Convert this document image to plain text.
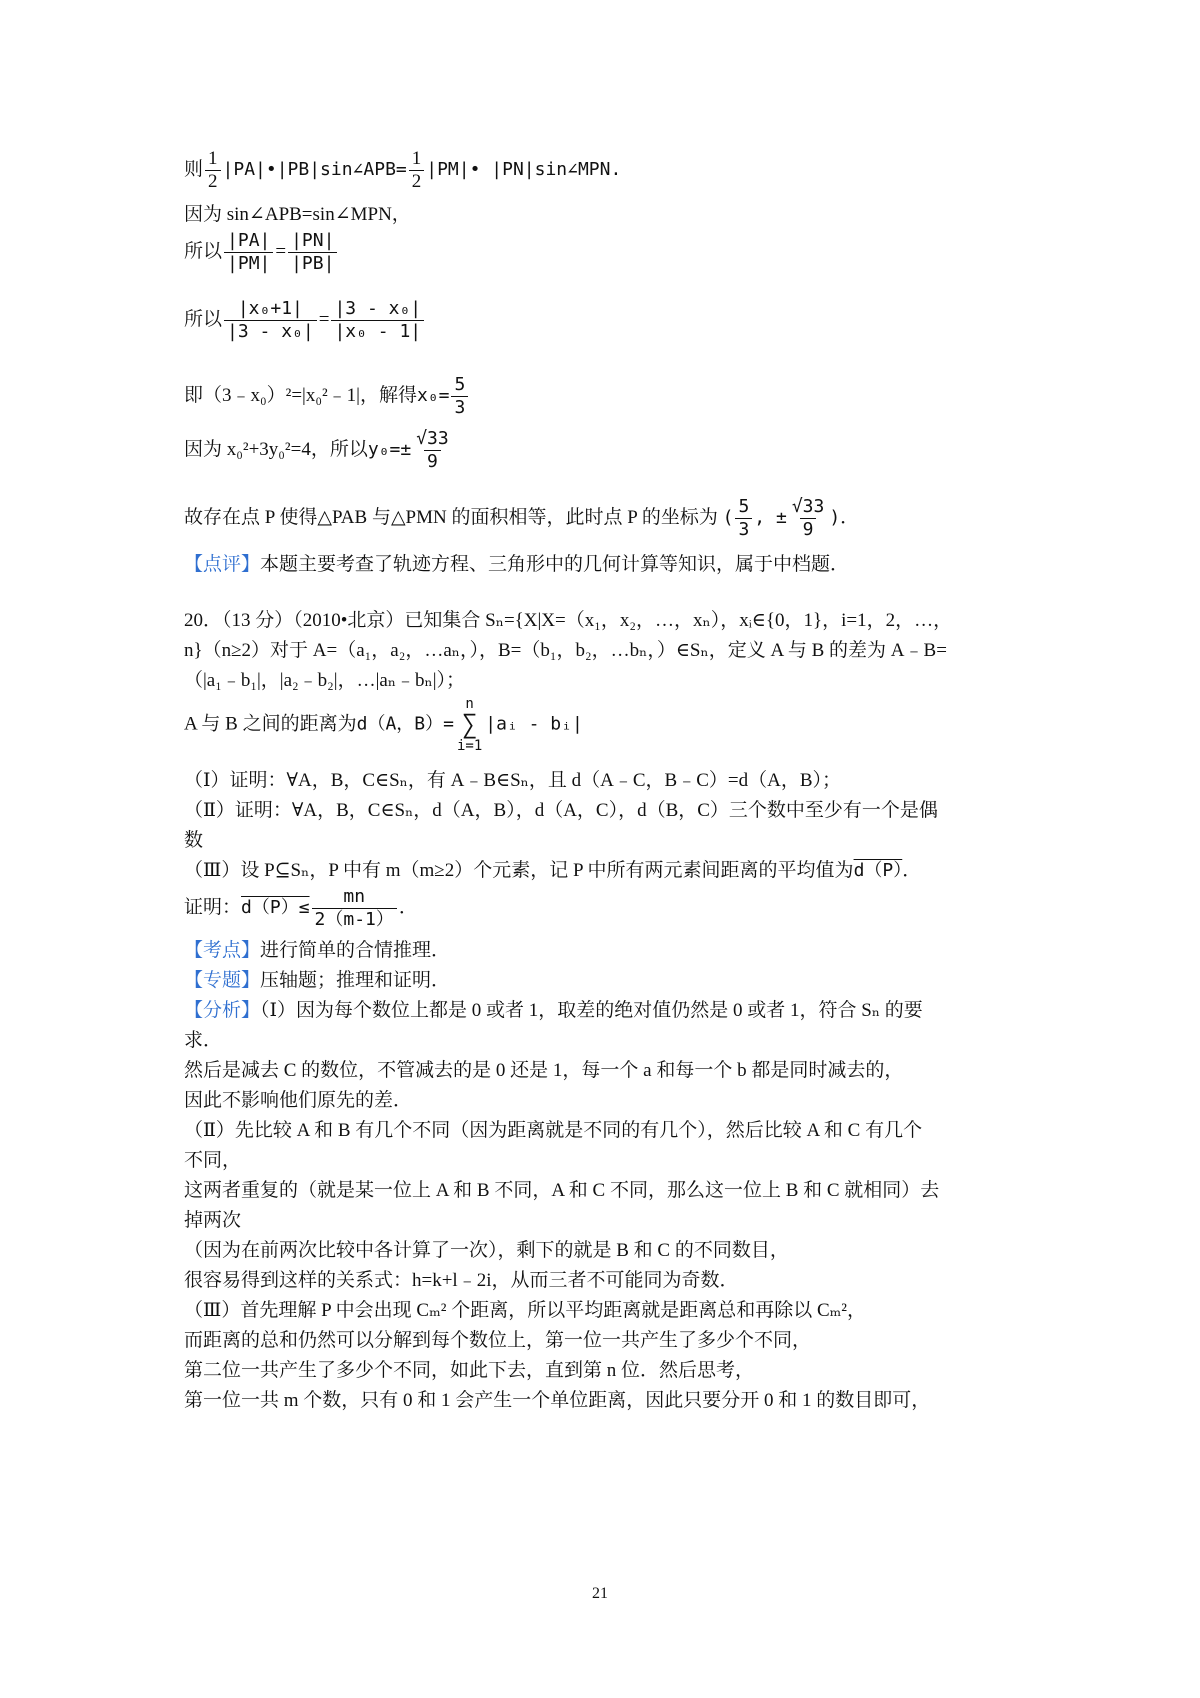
则 $\frac{1}{2}$ |PA|•|PB|sin∠APB= $\frac{1}{2}$ |PM|• |PN|sin∠MPN.
因为 sin∠APB=sin∠MPN，
所以 $\frac{|PA|}{|PM|} = \frac{|PN|}{|PB|}$
所以 $\frac{\text{|x₀+1|}}{\text{|3 - x₀|}} = \frac{\text{|3 - x₀|}}{\text{|x₀ - 1|}}$
即（3﹣x₀）²=|x₀²﹣1|，解得$x_0= \frac{5}{3}$
因为 x₀²+3y₀²=4，所以$y_0=\pm \frac{√33}{9}$
故存在点 P 使得△PAB 与△PMN 的面积相等，此时点 P 的坐标为 ( $\frac{5}{3}$ , ± $\frac{√33}{9}$ )．
【点评】本题主要考查了轨迹方程、三角形中的几何计算等知识，属于中档题．
20．（13 分）（2010•北京）已知集合 Sₙ={X|X=（x₁，x₂，…，xₙ），xᵢ∈{0，1}，i=1，2，…，
n}（n≥2）对于 A=（a₁，a₂，…aₙ，），B=（b₁，b₂，…bₙ，）∈Sₙ，定义 A 与 B 的差为 A﹣B=
（|a₁﹣b₁|，|a₂﹣b₂|，…|aₙ﹣bₙ|）；
A 与 B 之间的距离为d（A，B）=
n
∑
i=1
|aᵢ - bᵢ|
（Ⅰ）证明：∀A，B，C∈Sₙ，有 A﹣B∈Sₙ，且 d（A﹣C，B﹣C）=d（A，B）；
（Ⅱ）证明：∀A，B，C∈Sₙ，d（A，B），d（A，C），d（B，C）三个数中至少有一个是偶
数
（Ⅲ）设 P⊆Sₙ，P 中有 m（m≥2）个元素，记 P 中所有两元素间距离的平均值为d（P）．
证明：$d(P)\le \frac{mn}{2(m-1)}$ ．
【考点】进行简单的合情推理．
【专题】压轴题；推理和证明．
【分析】（Ⅰ）因为每个数位上都是 0 或者 1，取差的绝对值仍然是 0 或者 1，符合 Sₙ 的要
求．
然后是减去 C 的数位，不管减去的是 0 还是 1，每一个 a 和每一个 b 都是同时减去的，
因此不影响他们原先的差．
（Ⅱ）先比较 A 和 B 有几个不同（因为距离就是不同的有几个），然后比较 A 和 C 有几个
不同，
这两者重复的（就是某一位上 A 和 B 不同，A 和 C 不同，那么这一位上 B 和 C 就相同）去
掉两次
（因为在前两次比较中各计算了一次），剩下的就是 B 和 C 的不同数目，
很容易得到这样的关系式：h=k+l﹣2i，从而三者不可能同为奇数．
（Ⅲ）首先理解 P 中会出现 Cₘ² 个距离，所以平均距离就是距离总和再除以 Cₘ²，
而距离的总和仍然可以分解到每个数位上，第一位一共产生了多少个不同，
第二位一共产生了多少个不同，如此下去，直到第 n 位．然后思考，
第一位一共 m 个数，只有 0 和 1 会产生一个单位距离，因此只要分开 0 和 1 的数目即可，
21
